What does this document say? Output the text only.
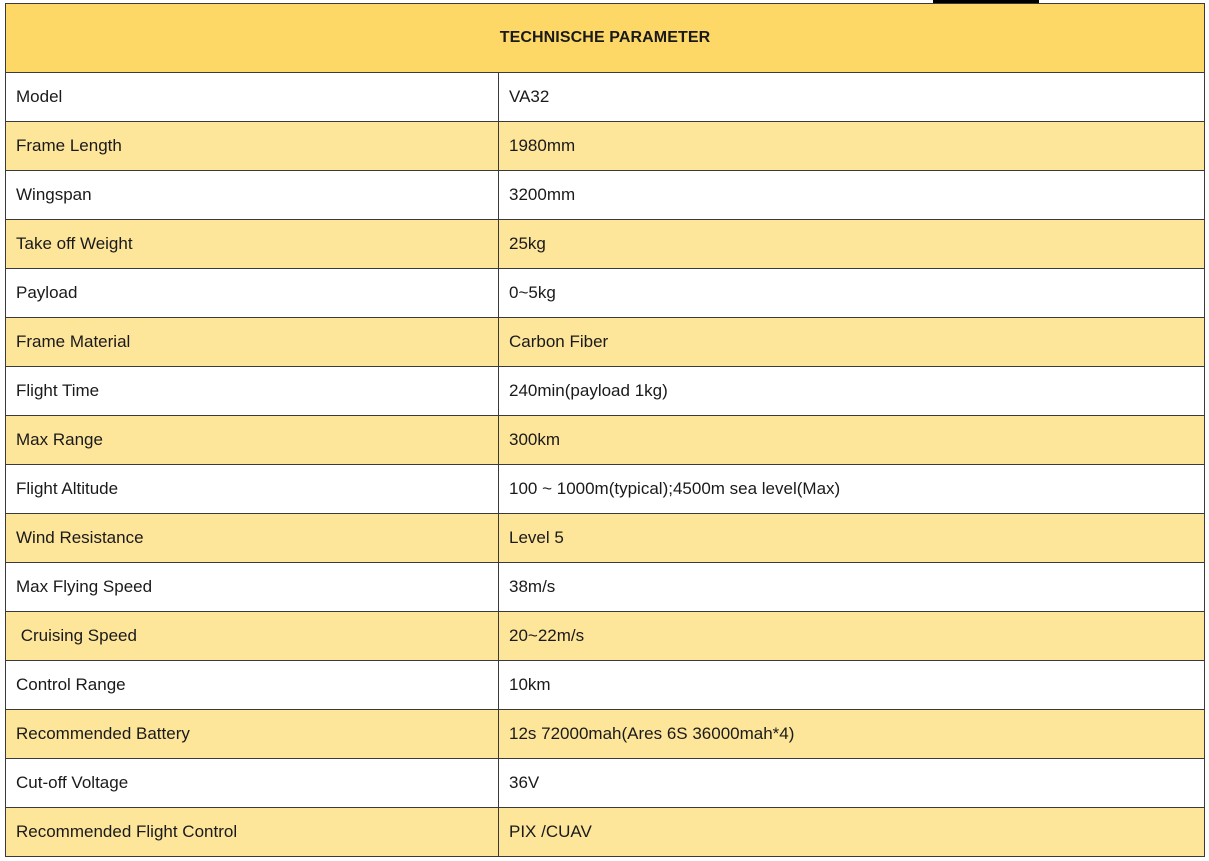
TECHNISCHE PARAMETER	
Model	VA32
Frame Length	1980mm
Wingspan	3200mm
Take off Weight	25kg
Payload	0~5kg
Frame Material	Carbon Fiber
Flight Time	240min(payload 1kg)
Max Range	300km
Flight Altitude	100 ~ 1000m(typical);4500m sea level(Max)
Wind Resistance	Level 5
Max Flying Speed	38m/s
Cruising Speed	20~22m/s
Control Range	10km
Recommended Battery	12s 72000mah(Ares 6S 36000mah*4)
Cut-off Voltage	36V
Recommended Flight Control	PIX /CUAV
